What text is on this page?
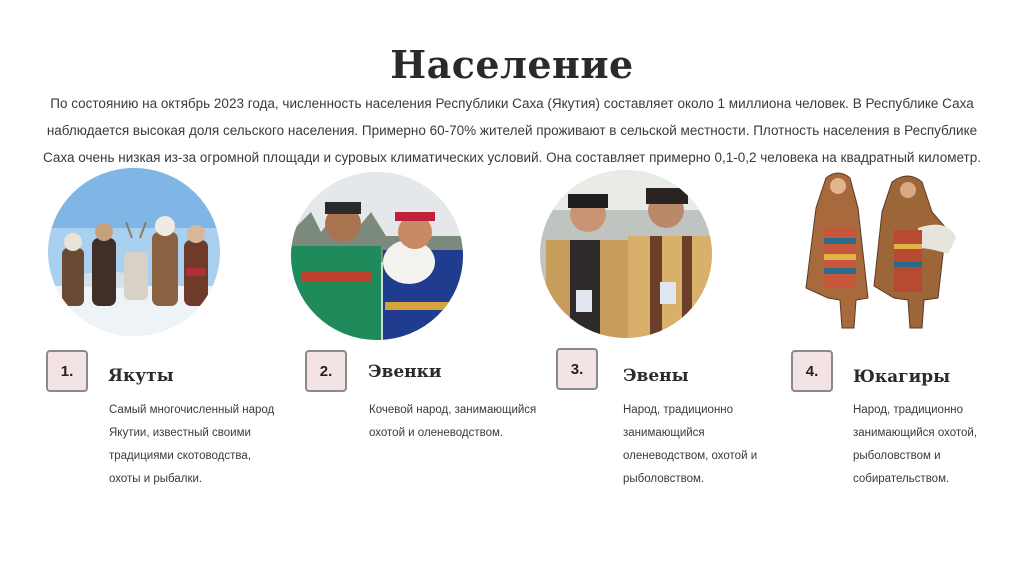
Население
По состоянию на октябрь 2023 года, численность населения Республики Саха (Якутия) составляет около 1 миллиона человек. В Республике Саха наблюдается высокая доля сельского населения. Примерно 60-70% жителей проживают в сельской местности. Плотность населения в Республике Саха очень низкая из-за огромной площади и суровых климатических условий. Она составляет примерно 0,1-0,2 человека на квадратный километр.
1.	Якуты
Самый многочисленный народ
Якутии, известный своими
традициями скотоводства,
охоты и рыбалки.
2.	Эвенки
Кочевой народ, занимающийся
охотой и оленеводством.
3.	Эвены
Народ, традиционно
занимающийся
оленеводством, охотой и
рыболовством.
4.	Юкагиры
Народ, традиционно
занимающийся охотой,
рыболовством и
собирательством.
